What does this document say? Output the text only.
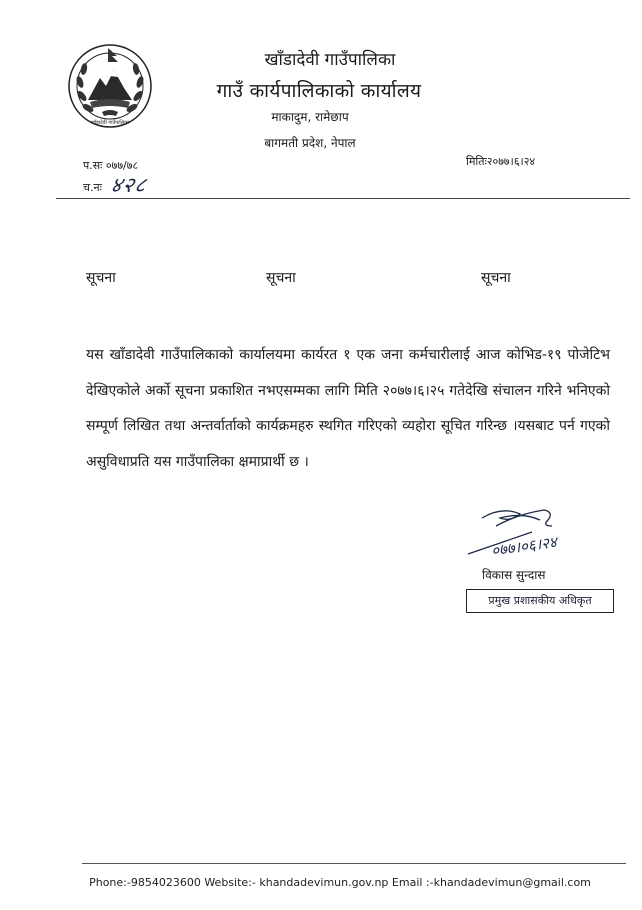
खाँडादेवी गाउँपालिका
खाँडादेवी गाउँपालिका
गाउँ कार्यपालिकाको कार्यालय
माकादुम, रामेछाप
बागमती प्रदेश, नेपाल
प.सः ०७७/७८
च.नः ४२८
मितिः२०७७।६।२४
सूचना	सूचना	सूचना
यस खाँडादेवी गाउँपालिकाको कार्यालयमा कार्यरत १ एक जना कर्मचारीलाई आज कोभिड-१९ पोजेटिभ देखिएकोले अर्को सूचना प्रकाशित नभएसम्मका लागि मिति २०७७।६।२५ गतेदेखि संचालन गरिने भनिएको सम्पूर्ण लिखित तथा अन्तर्वार्ताको कार्यक्रमहरु स्थगित गरिएको व्यहोरा सूचित गरिन्छ ।यसबाट पर्न गएको असुविधाप्रति यस गाउँपालिका क्षमाप्रार्थी छ ।
०७७।०६।२४
विकास सुन्दास
प्रमुख प्रशासकीय अधिकृत
Phone:-9854023600 Website:- khandadevimun.gov.np Email :-khandadevimun@gmail.com
